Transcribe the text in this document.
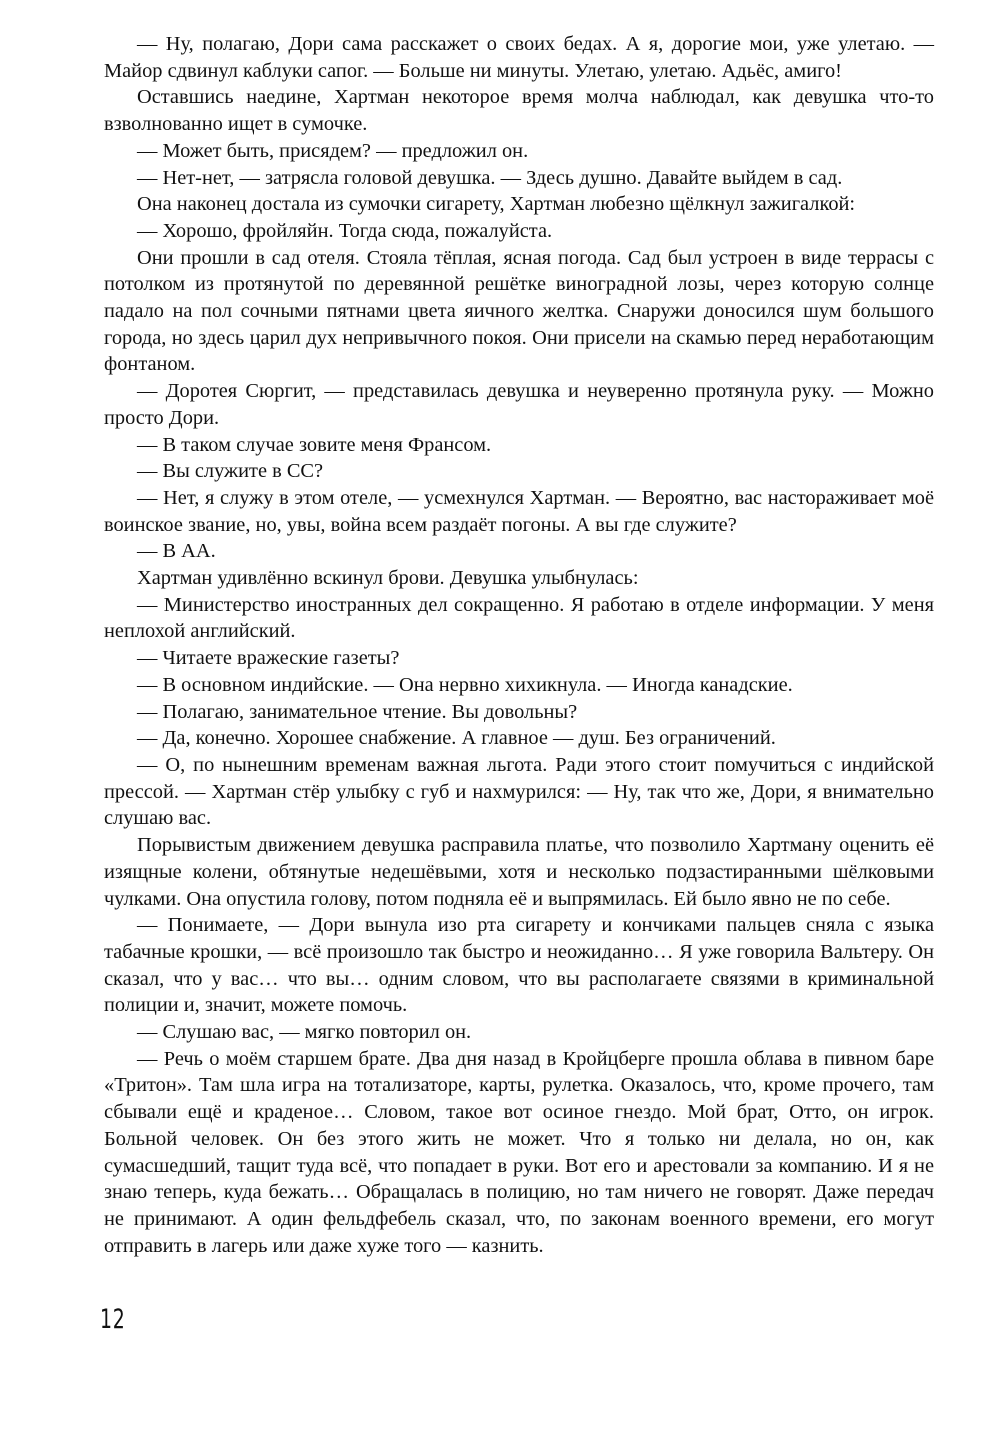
— Ну, полагаю, Дори сама расскажет о своих бедах. А я, дорогие мои, уже улетаю. — Майор сдвинул каблуки сапог. — Больше ни минуты. Улетаю, улетаю. Адьёс, амиго!

Оставшись наедине, Хартман некоторое время молча наблюдал, как девушка что-то взволнованно ищет в сумочке.

— Может быть, присядем? — предложил он.

— Нет-нет, — затрясла головой девушка. — Здесь душно. Давайте выйдем в сад.

Она наконец достала из сумочки сигарету, Хартман любезно щёлкнул зажигалкой:

— Хорошо, фройляйн. Тогда сюда, пожалуйста.

Они прошли в сад отеля. Стояла тёплая, ясная погода. Сад был устроен в виде террасы с потолком из протянутой по деревянной решётке виноградной лозы, через которую солнце падало на пол сочными пятнами цвета яичного желтка. Снаружи доносился шум большого города, но здесь царил дух непривычного покоя. Они присели на скамью перед неработающим фонтаном.

— Доротея Сюргит, — представилась девушка и неуверенно протянула руку. — Можно просто Дори.

— В таком случае зовите меня Франсом.

— Вы служите в СС?

— Нет, я служу в этом отеле, — усмехнулся Хартман. — Вероятно, вас настораживает моё воинское звание, но, увы, война всем раздаёт погоны. А вы где служите?

— В АА.

Хартман удивлённо вскинул брови. Девушка улыбнулась:

— Министерство иностранных дел сокращенно. Я работаю в отделе информации. У меня неплохой английский.

— Читаете вражеские газеты?

— В основном индийские. — Она нервно хихикнула. — Иногда канадские.

— Полагаю, занимательное чтение. Вы довольны?

— Да, конечно. Хорошее снабжение. А главное — душ. Без ограничений.

— О, по нынешним временам важная льгота. Ради этого стоит помучиться с индийской прессой. — Хартман стёр улыбку с губ и нахмурился: — Ну, так что же, Дори, я внимательно слушаю вас.

Порывистым движением девушка расправила платье, что позволило Хартману оценить её изящные колени, обтянутые недешёвыми, хотя и несколько подзастиранными шёлковыми чулками. Она опустила голову, потом подняла её и выпрямилась. Ей было явно не по себе.

— Понимаете, — Дори вынула изо рта сигарету и кончиками пальцев сняла с языка табачные крошки, — всё произошло так быстро и неожиданно… Я уже говорила Вальтеру. Он сказал, что у вас… что вы… одним словом, что вы располагаете связями в криминальной полиции и, значит, можете помочь.

— Слушаю вас, — мягко повторил он.

— Речь о моём старшем брате. Два дня назад в Кройцберге прошла облава в пивном баре «Тритон». Там шла игра на тотализаторе, карты, рулетка. Оказалось, что, кроме прочего, там сбывали ещё и краденое… Словом, такое вот осиное гнездо. Мой брат, Отто, он игрок. Больной человек. Он без этого жить не может. Что я только ни делала, но он, как сумасшедший, тащит туда всё, что попадает в руки. Вот его и арестовали за компанию. И я не знаю теперь, куда бежать… Обращалась в полицию, но там ничего не говорят. Даже передач не принимают. А один фельдфебель сказал, что, по законам военного времени, его могут отправить в лагерь или даже хуже того — казнить.

12
